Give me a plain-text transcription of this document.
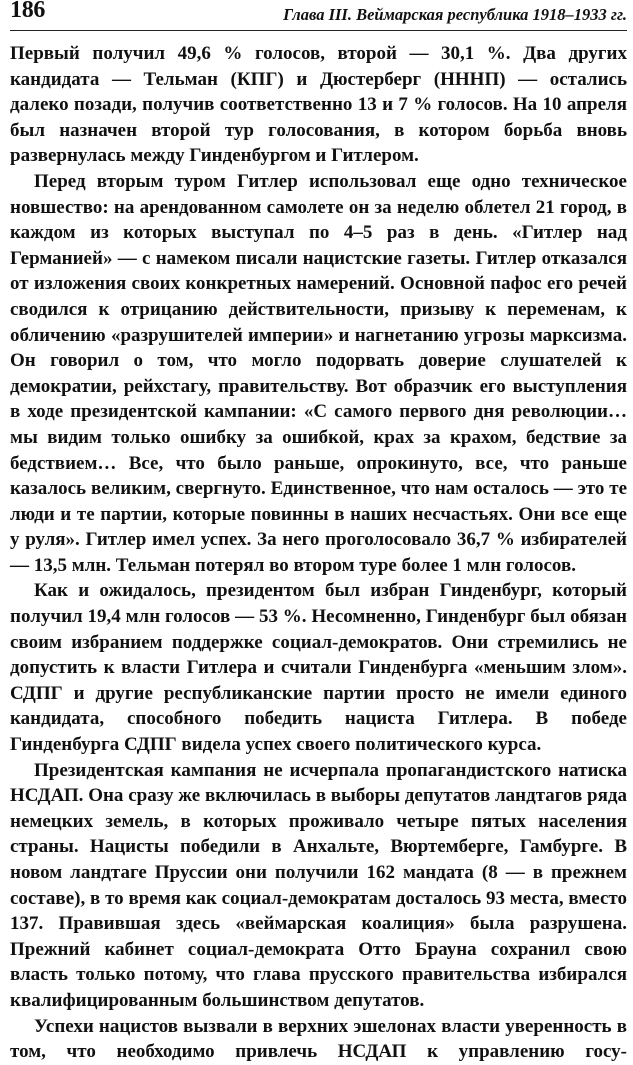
186	Глава III. Веймарская республика 1918–1933 гг.

Первый получил 49,6 % голосов, второй — 30,1 %. Два других кандидата — Тельман (КПГ) и Дюстерберг (НННП) — остались далеко позади, получив соответственно 13 и 7 % голосов. На 10 апреля был назначен второй тур голосования, в котором борьба вновь развернулась между Гинденбургом и Гитлером.

Перед вторым туром Гитлер использовал еще одно техническое новшество: на арендованном самолете он за неделю облетел 21 город, в каждом из которых выступал по 4–5 раз в день. «Гитлер над Германией» — с намеком писали нацистские газеты. Гитлер отказался от изложения своих конкретных намерений. Основной пафос его речей сводился к отрицанию действительности, призыву к переменам, к обличению «разрушителей империи» и нагнетанию угрозы марксизма. Он говорил о том, что могло подорвать доверие слушателей к демократии, рейхстагу, правительству. Вот образчик его выступления в ходе президентской кампании: «С самого первого дня революции… мы видим только ошибку за ошибкой, крах за крахом, бедствие за бедствием… Все, что было раньше, опрокинуто, все, что раньше казалось великим, свергнуто. Единственное, что нам осталось — это те люди и те партии, которые повинны в наших несчастьях. Они все еще у руля». Гитлер имел успех. За него проголосовало 36,7 % избирателей — 13,5 млн. Тельман потерял во втором туре более 1 млн голосов.

Как и ожидалось, президентом был избран Гинденбург, который получил 19,4 млн голосов — 53 %. Несомненно, Гинденбург был обязан своим избранием поддержке социал-демократов. Они стремились не допустить к власти Гитлера и считали Гинденбурга «меньшим злом». СДПГ и другие республиканские партии просто не имели единого кандидата, способного победить нациста Гитлера. В победе Гинденбурга СДПГ видела успех своего политического курса.

Президентская кампания не исчерпала пропагандистского натиска НСДАП. Она сразу же включилась в выборы депутатов ландтагов ряда немецких земель, в которых проживало четыре пятых населения страны. Нацисты победили в Анхальте, Вюртемберге, Гамбурге. В новом ландтаге Пруссии они получили 162 мандата (8 — в прежнем составе), в то время как социал-демократам досталось 93 места, вместо 137. Правившая здесь «веймарская коалиция» была разрушена. Прежний кабинет социал-демократа Отто Брауна сохранил свою власть только потому, что глава прусского правительства избирался квалифицированным большинством депутатов.

Успехи нацистов вызвали в верхних эшелонах власти уверенность в том, что необходимо привлечь НСДАП к управлению госу-
